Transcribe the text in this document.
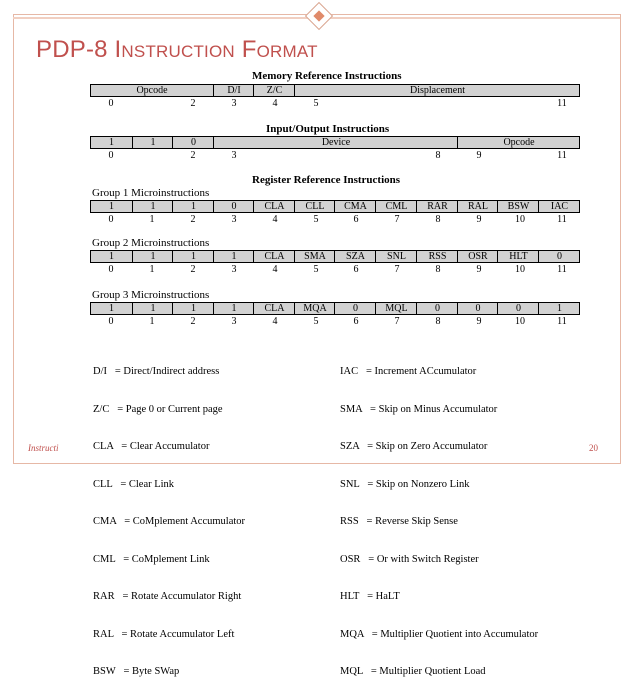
PDP-8 Instruction Format
Memory Reference Instructions
Opcode	D/I	Z/C	Displacement
0	2	3	4	5	11
Input/Output Instructions
1	1	0	Device	Opcode
0	2	3	8	9	11
Register Reference Instructions
Group 1 Microinstructions
1	1	1	0	CLA	CLL	CMA	CML	RAR	RAL	BSW	IAC
0	1	2	3	4	5	6	7	8	9	10	11
Group 2 Microinstructions
1	1	1	1	CLA	SMA	SZA	SNL	RSS	OSR	HLT	0
0	1	2	3	4	5	6	7	8	9	10	11
Group 3 Microinstructions
1	1	1	1	CLA	MQA	0	MQL	0	0	0	1
0	1	2	3	4	5	6	7	8	9	10	11

D/I   = Direct/Indirect address

Z/C   = Page 0 or Current page

CLA   = Clear Accumulator

CLL   = Clear Link

CMA   = CoMplement Accumulator

CML   = CoMplement Link

RAR   = Rotate Accumulator Right

RAL   = Rotate Accumulator Left

BSW   = Byte SWap

IAC   = Increment ACcumulator

SMA   = Skip on Minus Accumulator

SZA   = Skip on Zero Accumulator

SNL   = Skip on Nonzero Link

RSS   = Reverse Skip Sense

OSR   = Or with Switch Register

HLT   = HaLT

MQA   = Multiplier Quotient into Accumulator

MQL   = Multiplier Quotient Load

Instructi	20
